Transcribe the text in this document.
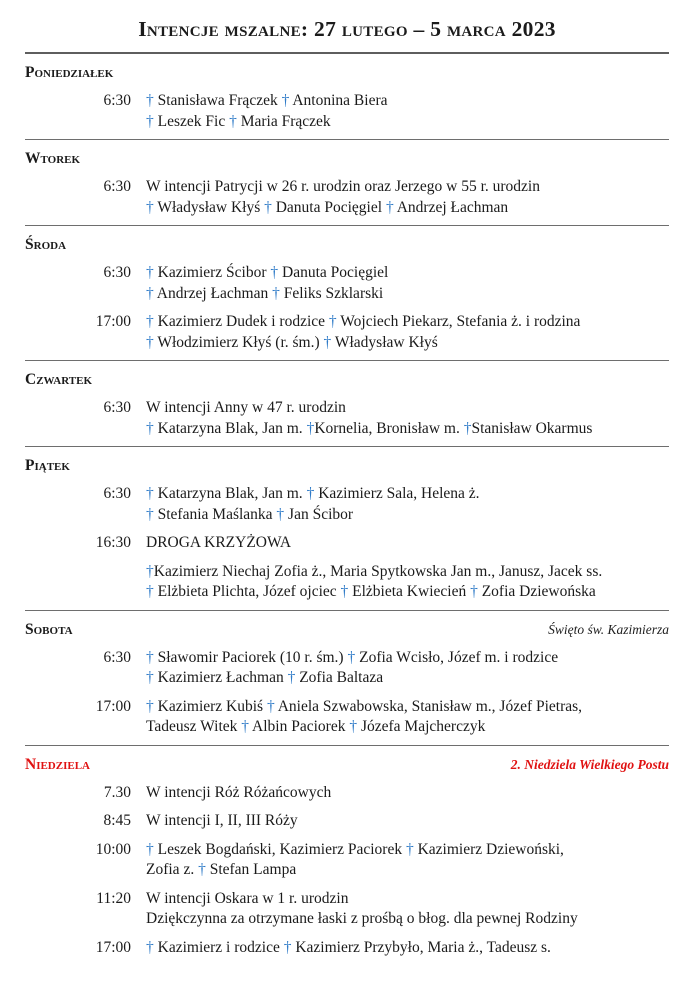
Intencje mszalne: 27 lutego – 5 marca 2023
Poniedziałek
6:30 † Stanisława Frączek † Antonina Biera
† Leszek Fic † Maria Frączek
Wtorek
6:30 W intencji Patrycji w 26 r. urodzin oraz Jerzego w 55 r. urodzin
† Władysław Kłyś † Danuta Pocięgiel † Andrzej Łachman
Środa
6:30 † Kazimierz Ścibor † Danuta Pocięgiel
† Andrzej Łachman † Feliks Szklarski
17:00 † Kazimierz Dudek i rodzice † Wojciech Piekarz, Stefania ż. i rodzina
† Włodzimierz Kłyś (r. śm.) † Władysław Kłyś
Czwartek
6:30 W intencji Anny w 47 r. urodzin
† Katarzyna Blak, Jan m. †Kornelia, Bronisław m. †Stanisław Okarmus
Piątek
6:30 † Katarzyna Blak, Jan m. † Kazimierz Sala, Helena ż.
† Stefania Maślanka † Jan Ścibor
16:30 DROGA KRZYŻOWA
†Kazimierz Niechaj Zofia ż., Maria Spytkowska Jan m., Janusz, Jacek ss.
† Elżbieta Plichta, Józef ojciec † Elżbieta Kwiecień † Zofia Dziewońska
Sobota	Święto św. Kazimierza
6:30 † Sławomir Paciorek (10 r. śm.) † Zofia Wcisło, Józef m. i rodzice
† Kazimierz Łachman † Zofia Baltaza
17:00 † Kazimierz Kubiś † Aniela Szwabowska, Stanisław m., Józef Pietras,
Tadeusz Witek † Albin Paciorek † Józefa Majcherczyk
Niedziela	2. Niedziela Wielkiego Postu
7.30 W intencji Róż Różańcowych
8:45 W intencji I, II, III Róży
10:00 † Leszek Bogdański, Kazimierz Paciorek † Kazimierz Dziewoński,
Zofia z. † Stefan Lampa
11:20 W intencji Oskara w 1 r. urodzin
Dziękczynna za otrzymane łaski z prośbą o błog. dla pewnej Rodziny
17:00 † Kazimierz i rodzice † Kazimierz Przybyło, Maria ż., Tadeusz s.
